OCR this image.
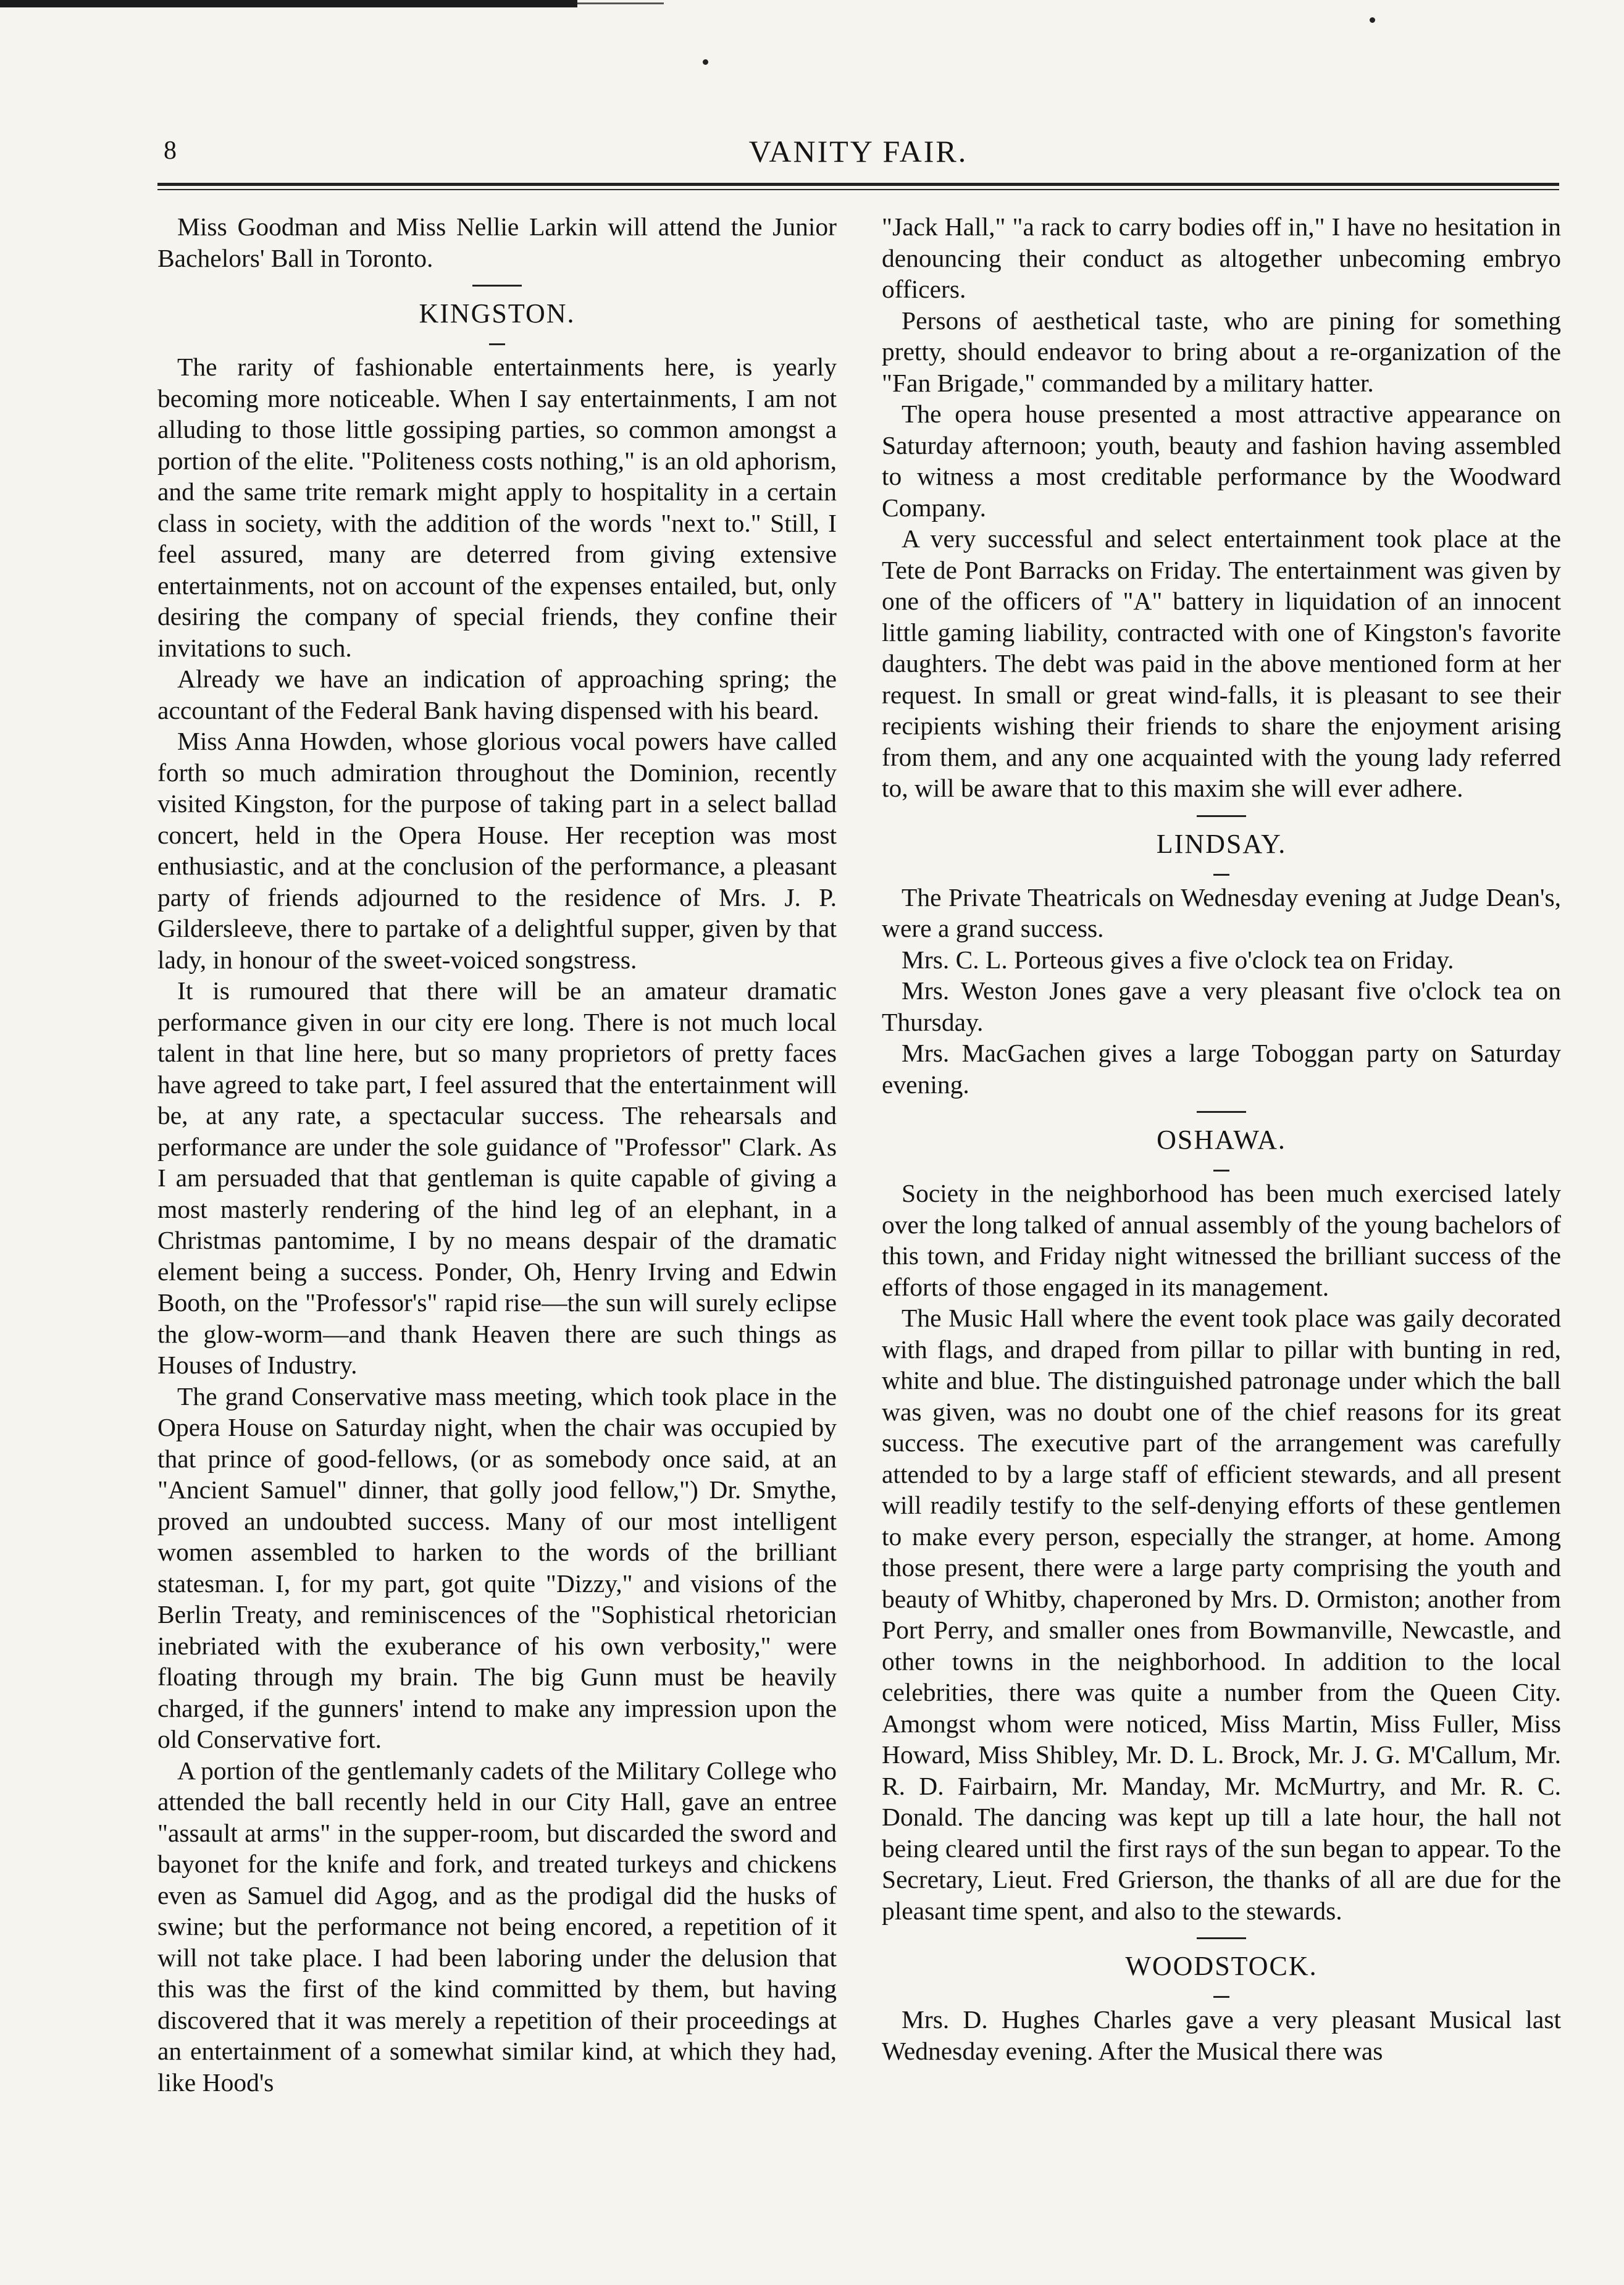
8	VANITY FAIR.

Miss Goodman and Miss Nellie Larkin will attend the Junior Bachelors' Ball in Toronto.

KINGSTON.

The rarity of fashionable entertainments here, is yearly becoming more noticeable. When I say entertainments, I am not alluding to those little gossiping parties, so common amongst a portion of the elite. "Politeness costs nothing," is an old aphorism, and the same trite remark might apply to hospitality in a certain class in society, with the addition of the words "next to." Still, I feel assured, many are deterred from giving extensive entertainments, not on account of the expenses entailed, but, only desiring the company of special friends, they confine their invitations to such.

Already we have an indication of approaching spring; the accountant of the Federal Bank having dispensed with his beard.

Miss Anna Howden, whose glorious vocal powers have called forth so much admiration throughout the Dominion, recently visited Kingston, for the purpose of taking part in a select ballad concert, held in the Opera House. Her reception was most enthusiastic, and at the conclusion of the performance, a pleasant party of friends adjourned to the residence of Mrs. J. P. Gildersleeve, there to partake of a delightful supper, given by that lady, in honour of the sweet-voiced songstress.

It is rumoured that there will be an amateur dramatic performance given in our city ere long. There is not much local talent in that line here, but so many proprietors of pretty faces have agreed to take part, I feel assured that the entertainment will be, at any rate, a spectacular success. The rehearsals and performance are under the sole guidance of "Professor" Clark. As I am persuaded that that gentleman is quite capable of giving a most masterly rendering of the hind leg of an elephant, in a Christmas pantomime, I by no means despair of the dramatic element being a success. Ponder, Oh, Henry Irving and Edwin Booth, on the "Professor's" rapid rise—the sun will surely eclipse the glow-worm—and thank Heaven there are such things as Houses of Industry.

The grand Conservative mass meeting, which took place in the Opera House on Saturday night, when the chair was occupied by that prince of good-fellows, (or as somebody once said, at an "Ancient Samuel" dinner, that golly jood fellow,") Dr. Smythe, proved an undoubted success. Many of our most intelligent women assembled to harken to the words of the brilliant statesman. I, for my part, got quite "Dizzy," and visions of the Berlin Treaty, and reminiscences of the "Sophistical rhetorician inebriated with the exuberance of his own verbosity," were floating through my brain. The big Gunn must be heavily charged, if the gunners' intend to make any impression upon the old Conservative fort.

A portion of the gentlemanly cadets of the Military College who attended the ball recently held in our City Hall, gave an entree "assault at arms" in the supper-room, but discarded the sword and bayonet for the knife and fork, and treated turkeys and chickens even as Samuel did Agog, and as the prodigal did the husks of swine; but the performance not being encored, a repetition of it will not take place. I had been laboring under the delusion that this was the first of the kind committed by them, but having discovered that it was merely a repetition of their proceedings at an entertainment of a somewhat similar kind, at which they had, like Hood's

"Jack Hall," "a rack to carry bodies off in," I have no hesitation in denouncing their conduct as altogether unbecoming embryo officers.

Persons of aesthetical taste, who are pining for something pretty, should endeavor to bring about a re-organization of the "Fan Brigade," commanded by a military hatter.

The opera house presented a most attractive appearance on Saturday afternoon; youth, beauty and fashion having assembled to witness a most creditable performance by the Woodward Company.

A very successful and select entertainment took place at the Tete de Pont Barracks on Friday. The entertainment was given by one of the officers of "A" battery in liquidation of an innocent little gaming liability, contracted with one of Kingston's favorite daughters. The debt was paid in the above mentioned form at her request. In small or great wind-falls, it is pleasant to see their recipients wishing their friends to share the enjoyment arising from them, and any one acquainted with the young lady referred to, will be aware that to this maxim she will ever adhere.

LINDSAY.

The Private Theatricals on Wednesday evening at Judge Dean's, were a grand success.

Mrs. C. L. Porteous gives a five o'clock tea on Friday.

Mrs. Weston Jones gave a very pleasant five o'clock tea on Thursday.

Mrs. MacGachen gives a large Toboggan party on Saturday evening.

OSHAWA.

Society in the neighborhood has been much exercised lately over the long talked of annual assembly of the young bachelors of this town, and Friday night witnessed the brilliant success of the efforts of those engaged in its management.

The Music Hall where the event took place was gaily decorated with flags, and draped from pillar to pillar with bunting in red, white and blue. The distinguished patronage under which the ball was given, was no doubt one of the chief reasons for its great success. The executive part of the arrangement was carefully attended to by a large staff of efficient stewards, and all present will readily testify to the self-denying efforts of these gentlemen to make every person, especially the stranger, at home. Among those present, there were a large party comprising the youth and beauty of Whitby, chaperoned by Mrs. D. Ormiston; another from Port Perry, and smaller ones from Bowmanville, Newcastle, and other towns in the neighborhood. In addition to the local celebrities, there was quite a number from the Queen City. Amongst whom were noticed, Miss Martin, Miss Fuller, Miss Howard, Miss Shibley, Mr. D. L. Brock, Mr. J. G. M'Callum, Mr. R. D. Fairbairn, Mr. Manday, Mr. McMurtry, and Mr. R. C. Donald. The dancing was kept up till a late hour, the hall not being cleared until the first rays of the sun began to appear. To the Secretary, Lieut. Fred Grierson, the thanks of all are due for the pleasant time spent, and also to the stewards.

WOODSTOCK.

Mrs. D. Hughes Charles gave a very pleasant Musical last Wednesday evening. After the Musical there was
